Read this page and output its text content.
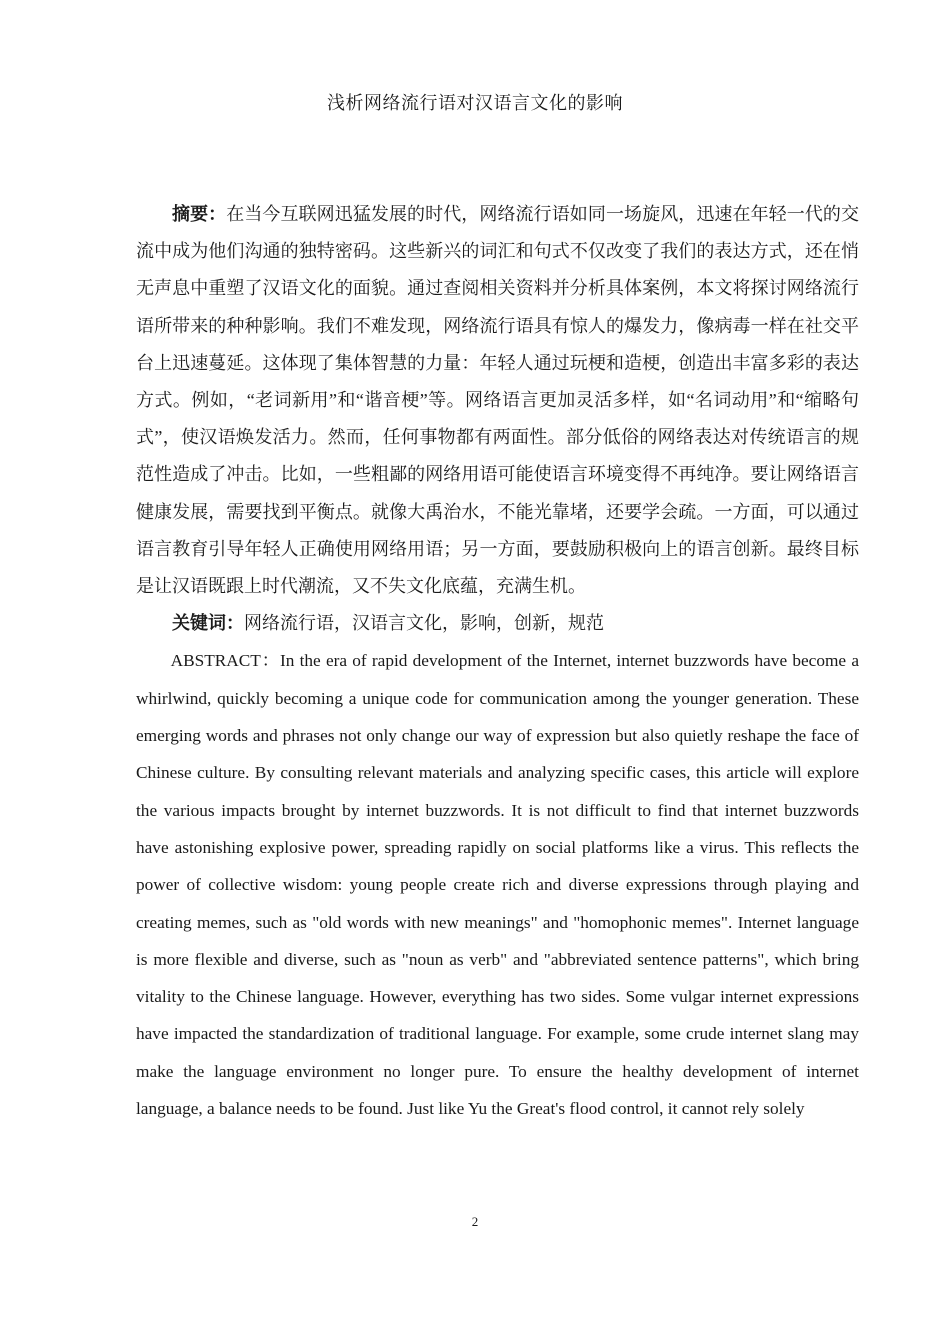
浅析网络流行语对汉语言文化的影响

摘要：在当今互联网迅猛发展的时代，网络流行语如同一场旋风，迅速在年轻一代的交流中成为他们沟通的独特密码。这些新兴的词汇和句式不仅改变了我们的表达方式，还在悄无声息中重塑了汉语文化的面貌。通过查阅相关资料并分析具体案例，本文将探讨网络流行语所带来的种种影响。我们不难发现，网络流行语具有惊人的爆发力，像病毒一样在社交平台上迅速蔓延。这体现了集体智慧的力量：年轻人通过玩梗和造梗，创造出丰富多彩的表达方式。例如，“老词新用”和“谐音梗”等。网络语言更加灵活多样，如“名词动用”和“缩略句式”，使汉语焕发活力。然而，任何事物都有两面性。部分低俗的网络表达对传统语言的规范性造成了冲击。比如，一些粗鄙的网络用语可能使语言环境变得不再纯净。要让网络语言健康发展，需要找到平衡点。就像大禹治水，不能光靠堵，还要学会疏。一方面，可以通过语言教育引导年轻人正确使用网络用语；另一方面，要鼓励积极向上的语言创新。最终目标是让汉语既跟上时代潮流，又不失文化底蕴，充满生机。

关键词：网络流行语，汉语言文化，影响，创新，规范

ABSTRACT：In the era of rapid development of the Internet, internet buzzwords have become a whirlwind, quickly becoming a unique code for communication among the younger generation. These emerging words and phrases not only change our way of expression but also quietly reshape the face of Chinese culture. By consulting relevant materials and analyzing specific cases, this article will explore the various impacts brought by internet buzzwords. It is not difficult to find that internet buzzwords have astonishing explosive power, spreading rapidly on social platforms like a virus. This reflects the power of collective wisdom: young people create rich and diverse expressions through playing and creating memes, such as "old words with new meanings" and "homophonic memes". Internet language is more flexible and diverse, such as "noun as verb" and "abbreviated sentence patterns", which bring vitality to the Chinese language. However, everything has two sides. Some vulgar internet expressions have impacted the standardization of traditional language. For example, some crude internet slang may make the language environment no longer pure. To ensure the healthy development of internet language, a balance needs to be found. Just like Yu the Great's flood control, it cannot rely solely

2
